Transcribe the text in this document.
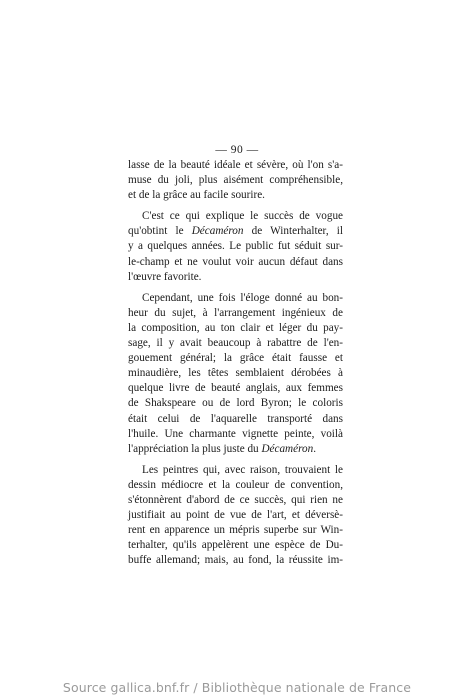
— 90 —
lasse de la beauté idéale et sévère, où l'on s'a-
muse du joli, plus aisément compréhensible,
et de la grâce au facile sourire.
C'est ce qui explique le succès de vogue
qu'obtint le Décaméron de Winterhalter, il
y a quelques années. Le public fut séduit sur-
le-champ et ne voulut voir aucun défaut dans
l'œuvre favorite.
Cependant, une fois l'éloge donné au bon-
heur du sujet, à l'arrangement ingénieux de
la composition, au ton clair et léger du pay-
sage, il y avait beaucoup à rabattre de l'en-
gouement général; la grâce était fausse et
minaudière, les têtes semblaient dérobées à
quelque livre de beauté anglais, aux femmes
de Shakspeare ou de lord Byron; le coloris
était celui de l'aquarelle transporté dans
l'huile. Une charmante vignette peinte, voilà
l'appréciation la plus juste du Décaméron.
Les peintres qui, avec raison, trouvaient le
dessin médiocre et la couleur de convention,
s'étonnèrent d'abord de ce succès, qui rien ne
justifiait au point de vue de l'art, et déversè-
rent en apparence un mépris superbe sur Win-
terhalter, qu'ils appelèrent une espèce de Du-
buffe allemand; mais, au fond, la réussite im-
Source gallica.bnf.fr / Bibliothèque nationale de France
